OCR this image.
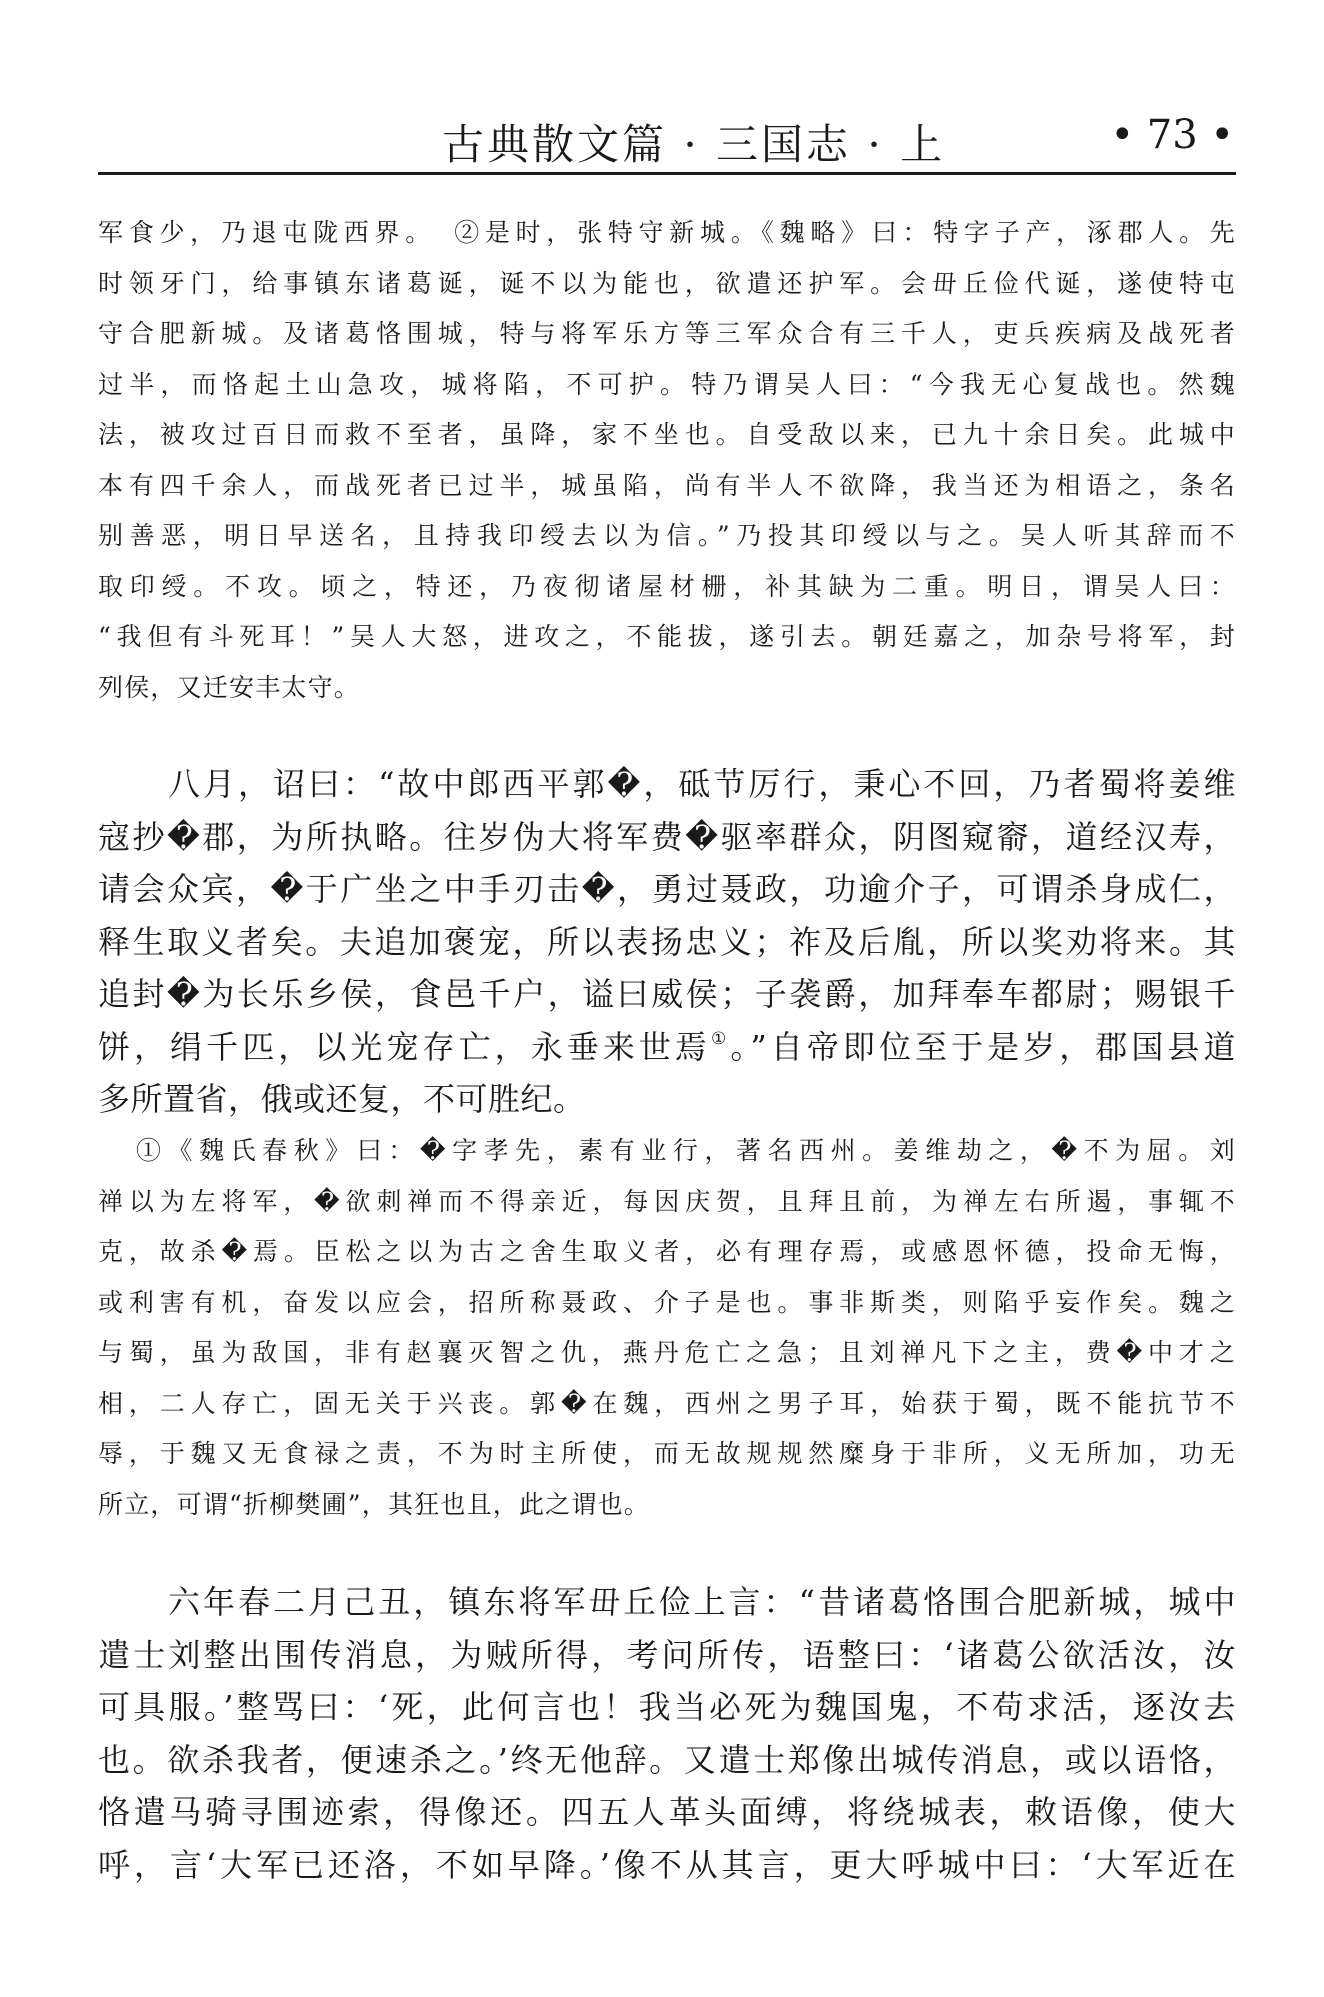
古典散文篇 · 三国志 · 上	• 73 •
军食少，乃退屯陇西界。　②是时，张特守新城。《魏略》曰：特字子产，涿郡人。先
时领牙门，给事镇东诸葛诞，诞不以为能也，欲遣还护军。会毌丘俭代诞，遂使特屯
守合肥新城。及诸葛恪围城，特与将军乐方等三军众合有三千人，吏兵疾病及战死者
过半，而恪起土山急攻，城将陷，不可护。特乃谓吴人曰：“今我无心复战也。然魏
法，被攻过百日而救不至者，虽降，家不坐也。自受敌以来，已九十余日矣。此城中
本有四千余人，而战死者已过半，城虽陷，尚有半人不欲降，我当还为相语之，条名
别善恶，明日早送名，且持我印绶去以为信。”乃投其印绶以与之。吴人听其辞而不
取印绶。不攻。顷之，特还，乃夜彻诸屋材栅，补其缺为二重。明日，谓吴人曰：
“我但有斗死耳！”吴人大怒，进攻之，不能拔，遂引去。朝廷嘉之，加杂号将军，封
列侯，又迁安丰太守。
八月，诏曰：“故中郎西平郭�，砥节厉行，秉心不回，乃者蜀将姜维
寇抄�郡，为所执略。往岁伪大将军费�驱率群众，阴图窥窬，道经汉寿，
请会众宾，�于广坐之中手刃击�，勇过聂政，功逾介子，可谓杀身成仁，
释生取义者矣。夫追加褒宠，所以表扬忠义；祚及后胤，所以奖劝将来。其
追封�为长乐乡侯，食邑千户，谥曰威侯；子袭爵，加拜奉车都尉；赐银千
饼，绢千匹，以光宠存亡，永垂来世焉①。”自帝即位至于是岁，郡国县道
多所置省，俄或还复，不可胜纪。
①《魏氏春秋》曰：�字孝先，素有业行，著名西州。姜维劫之，�不为屈。刘
禅以为左将军，�欲刺禅而不得亲近，每因庆贺，且拜且前，为禅左右所遏，事辄不
克，故杀�焉。臣松之以为古之舍生取义者，必有理存焉，或感恩怀德，投命无悔，
或利害有机，奋发以应会，招所称聂政、介子是也。事非斯类，则陷乎妄作矣。魏之
与蜀，虽为敌国，非有赵襄灭智之仇，燕丹危亡之急；且刘禅凡下之主，费�中才之
相，二人存亡，固无关于兴丧。郭�在魏，西州之男子耳，始获于蜀，既不能抗节不
辱，于魏又无食禄之责，不为时主所使，而无故规规然糜身于非所，义无所加，功无
所立，可谓“折柳樊圃”，其狂也且，此之谓也。
六年春二月己丑，镇东将军毌丘俭上言：“昔诸葛恪围合肥新城，城中
遣士刘整出围传消息，为贼所得，考问所传，语整曰：‘诸葛公欲活汝，汝
可具服。’整骂曰：‘死，此何言也！我当必死为魏国鬼，不苟求活，逐汝去
也。欲杀我者，便速杀之。’终无他辞。又遣士郑像出城传消息，或以语恪，
恪遣马骑寻围迹索，得像还。四五人革头面缚，将绕城表，敕语像，使大
呼，言‘大军已还洛，不如早降。’像不从其言，更大呼城中曰：‘大军近在
